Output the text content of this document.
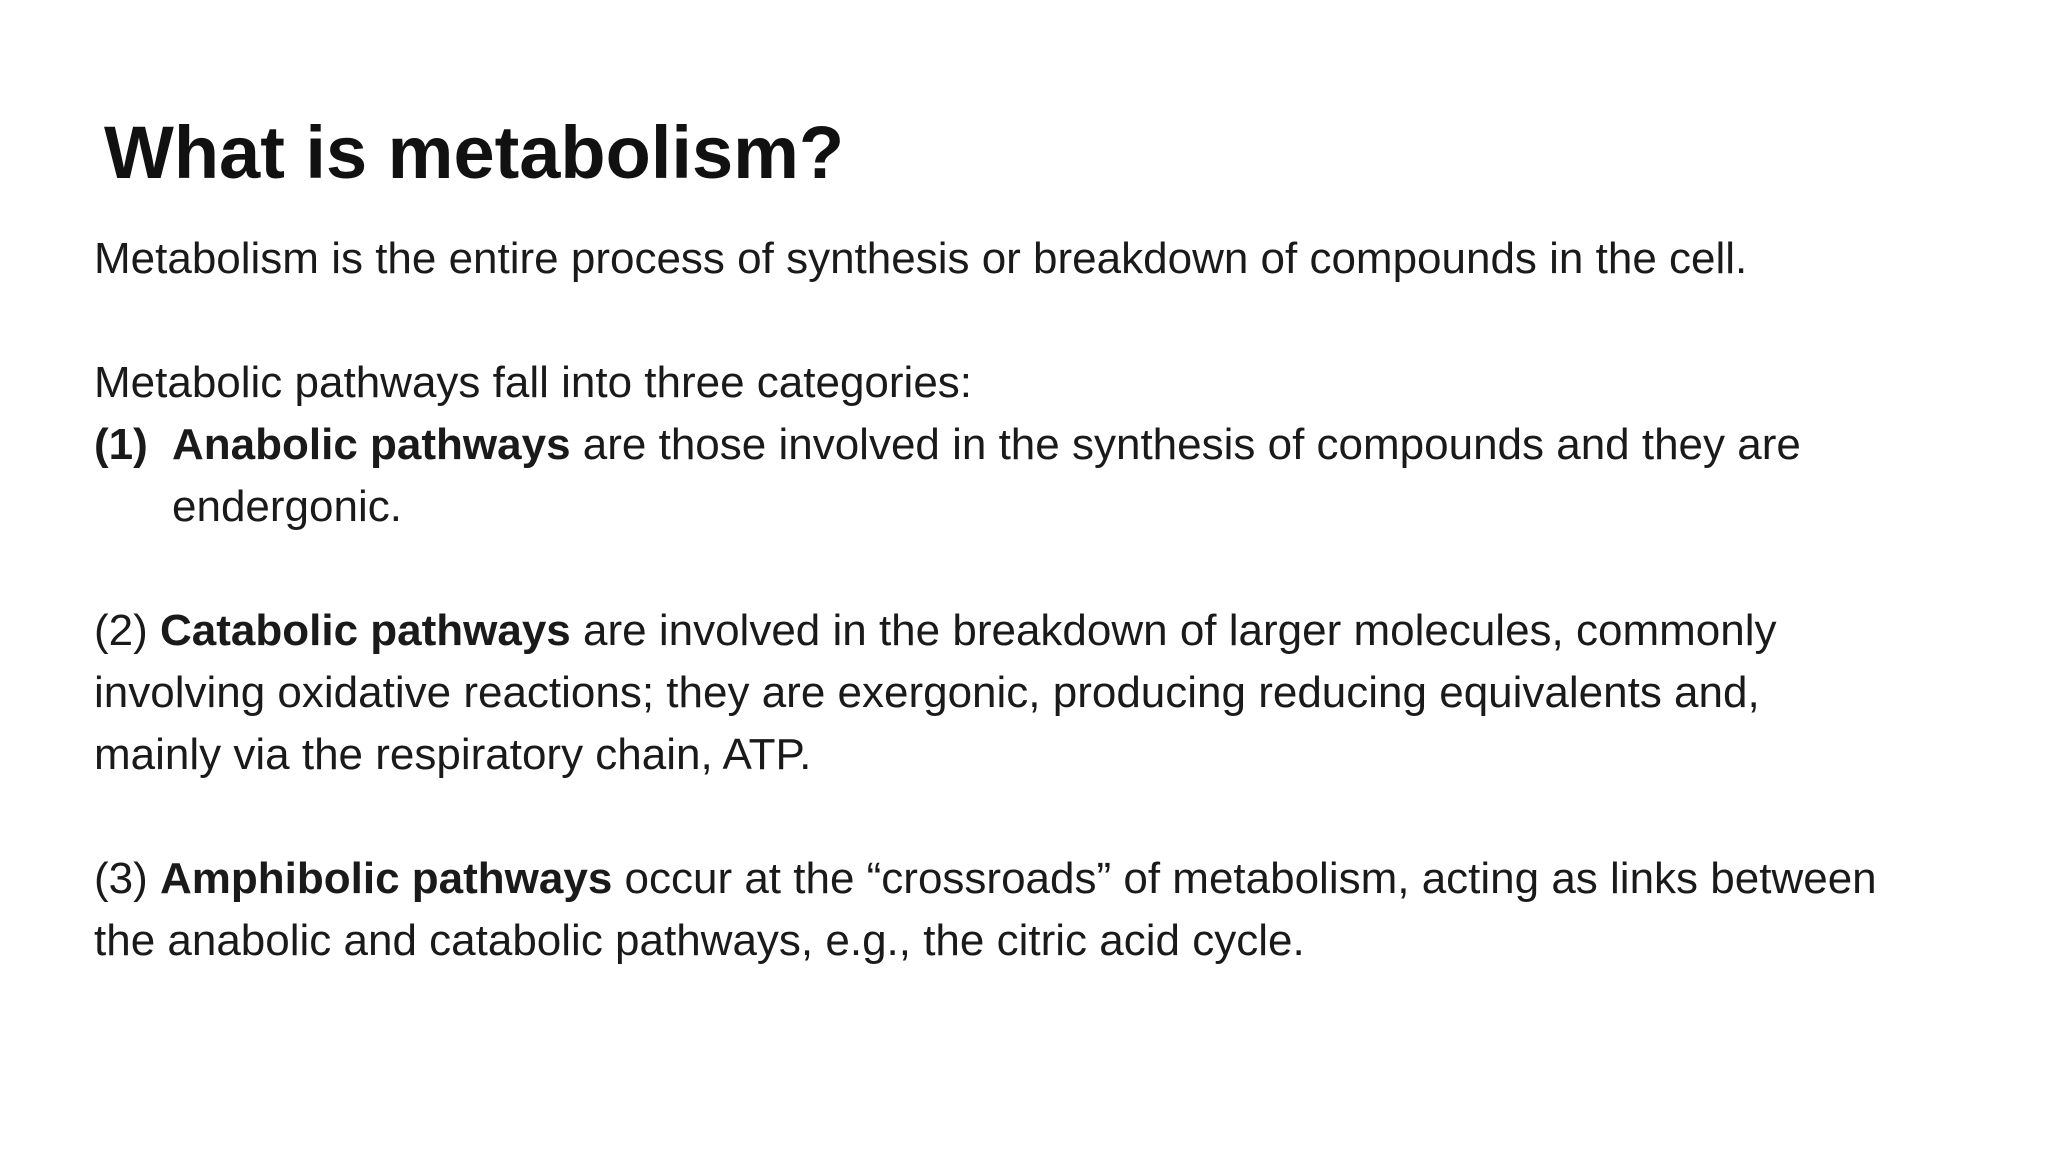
What is metabolism?

Metabolism is the entire process of synthesis or breakdown of compounds in the cell.

Metabolic pathways fall into three categories:

(1) Anabolic pathways are those involved in the synthesis of compounds and they are
endergonic.
(2) Catabolic pathways are involved in the breakdown of larger molecules, commonly
involving oxidative reactions; they are exergonic, producing reducing equivalents and,
mainly via the respiratory chain, ATP.
(3) Amphibolic pathways occur at the “crossroads” of metabolism, acting as links between
the anabolic and catabolic pathways, e.g., the citric acid cycle.
